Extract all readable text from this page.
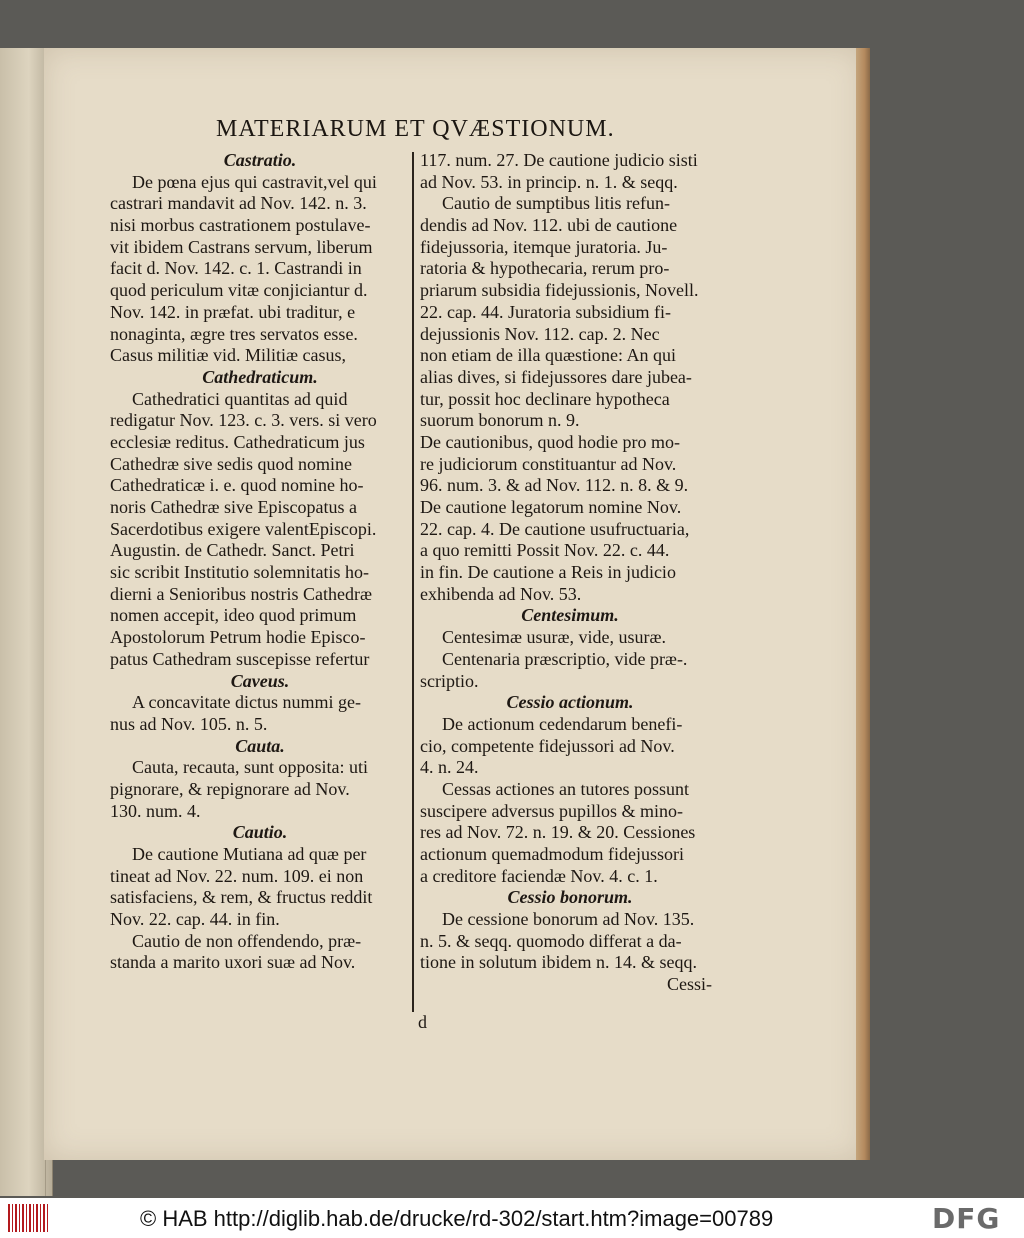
MATERIARUM ET QVÆSTIONUM.
Castratio.
De pœna ejus qui castravit,vel qui
castrari mandavit ad Nov. 142. n. 3.
nisi morbus castrationem postulave-
vit ibidem Castrans servum, liberum
facit d. Nov. 142. c. 1. Castrandi in
quod periculum vitæ conjiciantur d.
Nov. 142. in præfat. ubi traditur, e
nonaginta, ægre tres servatos esse.
Casus militiæ vid. Militiæ casus,
Cathedraticum.
Cathedratici quantitas ad quid
redigatur Nov. 123. c. 3. vers. si vero
ecclesiæ reditus. Cathedraticum jus
Cathedræ sive sedis quod nomine
Cathedraticæ i. e. quod nomine ho-
noris Cathedræ sive Episcopatus a
Sacerdotibus exigere valentEpiscopi.
Augustin. de Cathedr. Sanct. Petri
sic scribit Institutio solemnitatis ho-
dierni a Senioribus nostris Cathedræ
nomen accepit, ideo quod primum
Apostolorum Petrum hodie Episco-
patus Cathedram suscepisse refertur
Caveus.
A concavitate dictus nummi ge-
nus ad Nov. 105. n. 5.
Cauta.
Cauta, recauta, sunt opposita: uti
pignorare, & repignorare ad Nov.
130. num. 4.
Cautio.
De cautione Mutiana ad quæ per
tineat ad Nov. 22. num. 109. ei non
satisfaciens, & rem, & fructus reddit
Nov. 22. cap. 44. in fin.
Cautio de non offendendo, præ-
standa a marito uxori suæ ad Nov.
117. num. 27. De cautione judicio sisti
ad Nov. 53. in princip. n. 1. & seqq.
Cautio de sumptibus litis refun-
dendis ad Nov. 112. ubi de cautione
fidejussoria, itemque juratoria. Ju-
ratoria & hypothecaria, rerum pro-
priarum subsidia fidejussionis, Novell.
22. cap. 44. Juratoria subsidium fi-
dejussionis Nov. 112. cap. 2. Nec
non etiam de illa quæstione: An qui
alias dives, si fidejussores dare jubea-
tur, possit hoc declinare hypotheca
suorum bonorum n. 9.
De cautionibus, quod hodie pro mo-
re judiciorum constituantur ad Nov.
96. num. 3. & ad Nov. 112. n. 8. & 9.
De cautione legatorum nomine Nov.
22. cap. 4. De cautione usufructuaria,
a quo remitti Possit Nov. 22. c. 44.
in fin. De cautione a Reis in judicio
exhibenda ad Nov. 53.
Centesimum.
Centesimæ usuræ, vide, usuræ.
Centenaria præscriptio, vide præ-.
scriptio.
Cessio actionum.
De actionum cedendarum benefi-
cio, competente fidejussori ad Nov.
4. n. 24.
Cessas actiones an tutores possunt
suscipere adversus pupillos & mino-
res ad Nov. 72. n. 19. & 20. Cessiones
actionum quemadmodum fidejussori
a creditore faciendæ Nov. 4. c. 1.
Cessio bonorum.
De cessione bonorum ad Nov. 135.
n. 5. & seqq. quomodo differat a da-
tione in solutum ibidem n. 14. & seqq.
Cessi-
d
© HAB http://diglib.hab.de/drucke/rd-302/start.htm?image=00789	DFG
